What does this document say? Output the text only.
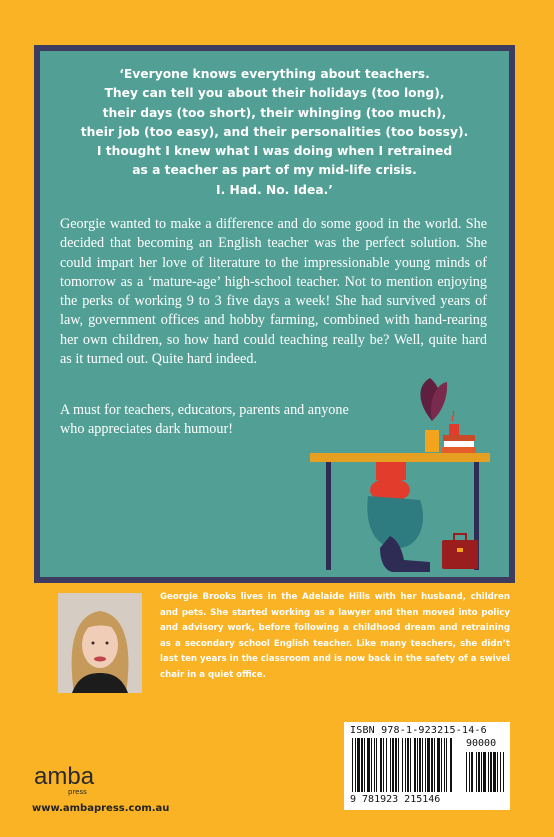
‘Everyone knows everything about teachers.
They can tell you about their holidays (too long),
their days (too short), their whinging (too much),
their job (too easy), and their personalities (too bossy).
I thought I knew what I was doing when I retrained
as a teacher as part of my mid-life crisis.
I. Had. No. Idea.’

Georgie wanted to make a difference and do some good in the world. She decided that becoming an English teacher was the perfect solution. She could impart her love of literature to the impressionable young minds of tomorrow as a ‘mature-age’ high-school teacher. Not to mention enjoying the perks of working 9 to 3 five days a week! She had survived years of law, government offices and hobby farming, combined with hand-rearing her own children, so how hard could teaching really be? Well, quite hard as it turned out. Quite hard indeed.

A must for teachers, educators, parents and anyone who appreciates dark humour!

Georgie Brooks lives in the Adelaide Hills with her husband, children and pets. She started working as a lawyer and then moved into policy and advisory work, before following a childhood dream and retraining as a secondary school English teacher. Like many teachers, she didn’t last ten years in the classroom and is now back in the safety of a swivel chair in a quiet office.

ISBN 978-1-923215-14-6
90000
9 781923 215146
amba
press
www.ambapress.com.au
